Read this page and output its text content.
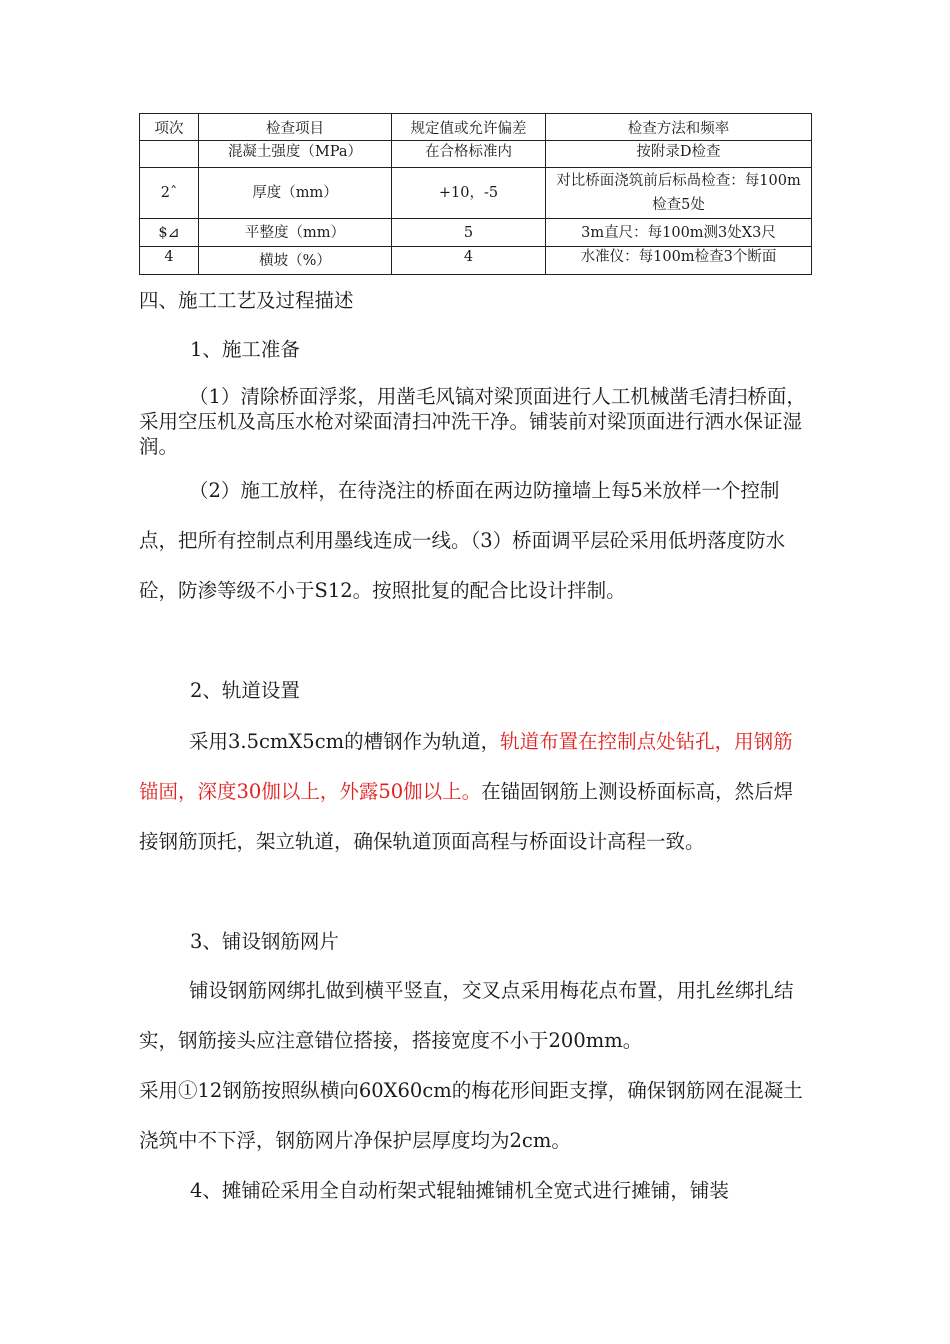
项次	检查项目	规定值或允许偏差	检查方法和频率
	混凝土强度（MPa）	在合格标准内	按附录D检查
2ˆ	厚度（mm）	+10，-5	对比桥面浇筑前后标咼检查：每100m检查5处
$⊿	平整度（mm）	5	3m直尺：每100m测3处X3尺
4	横坡（%）	4	水准仪：每100m检查3个断面

四、施工工艺及过程描述

1、施工准备

（1）清除桥面浮浆，用凿毛风镐对梁顶面进行人工机械凿毛清扫桥面，采用空压机及高压水枪对梁面清扫冲洗干净。铺装前对梁顶面进行洒水保证湿润。

（2）施工放样，在待浇注的桥面在两边防撞墙上每5米放样一个控制点，把所有控制点利用墨线连成一线。（3）桥面调平层砼采用低坍落度防水砼，防渗等级不小于S12。按照批复的配合比设计拌制。

2、轨道设置

采用3.5cmX5cm的槽钢作为轨道，轨道布置在控制点处钻孔，用钢筋锚固，深度30伽以上，外露50伽以上。在锚固钢筋上测设桥面标高，然后焊接钢筋顶托，架立轨道，确保轨道顶面高程与桥面设计高程一致。

3、铺设钢筋网片

铺设钢筋网绑扎做到横平竖直，交叉点采用梅花点布置，用扎丝绑扎结实，钢筋接头应注意错位搭接，搭接宽度不小于200mm。

采用①12钢筋按照纵横向60X60cm的梅花形间距支撑，确保钢筋网在混凝土浇筑中不下浮，钢筋网片净保护层厚度均为2cm。

4、摊铺砼采用全自动桁架式辊轴摊铺机全宽式进行摊铺，铺装
